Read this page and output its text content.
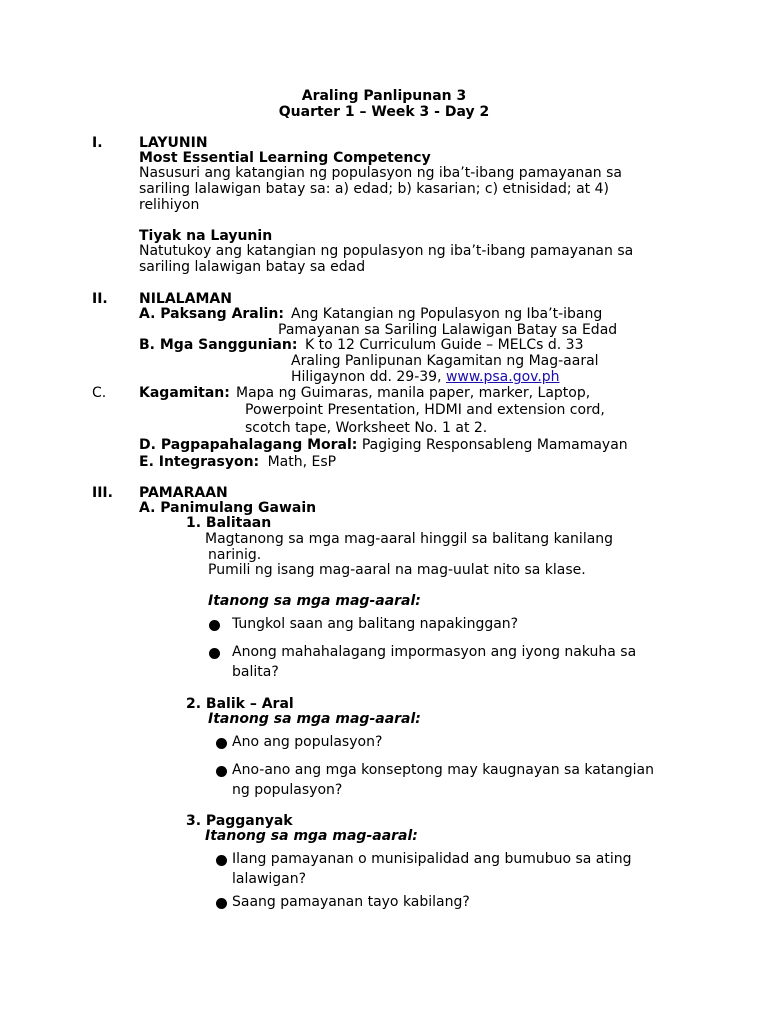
Araling Panlipunan 3
Quarter 1 – Week 3 - Day 2
I.	LAYUNIN
Most Essential Learning Competency
Nasusuri ang katangian ng populasyon ng iba’t-ibang pamayanan sa
sariling lalawigan batay sa: a) edad; b) kasarian; c) etnisidad; at 4)
relihiyon
Tiyak na Layunin
Natutukoy ang katangian ng populasyon ng iba’t-ibang pamayanan sa
sariling lalawigan batay sa edad
II. NILALAMAN
A. Paksang Aralin: Ang Katangian ng Populasyon ng Iba’t-ibang
Pamayanan sa Sariling Lalawigan Batay sa Edad
B. Mga Sanggunian: K to 12 Curriculum Guide – MELCs d. 33
Araling Panlipunan Kagamitan ng Mag-aaral
Hiligaynon dd. 29-39, www.psa.gov.ph
C. Kagamitan: Mapa ng Guimaras, manila paper, marker, Laptop,
Powerpoint Presentation, HDMI and extension cord,
scotch tape, Worksheet No. 1 at 2.
D. Pagpapahalagang Moral: Pagiging Responsableng Mamamayan
E. Integrasyon: Math, EsP
III. PAMARAAN
A. Panimulang Gawain
1. Balitaan
Magtanong sa mga mag-aaral hinggil sa balitang kanilang
narinig.
Pumili ng isang mag-aaral na mag-uulat nito sa klase.
Itanong sa mga mag-aaral:
Tungkol saan ang balitang napakinggan?
Anong mahahalagang impormasyon ang iyong nakuha sa
balita?
2. Balik – Aral
Itanong sa mga mag-aaral:
Ano ang populasyon?
Ano-ano ang mga konseptong may kaugnayan sa katangian
ng populasyon?
3. Pagganyak
Itanong sa mga mag-aaral:
Ilang pamayanan o munisipalidad ang bumubuo sa ating
lalawigan?
Saang pamayanan tayo kabilang?
